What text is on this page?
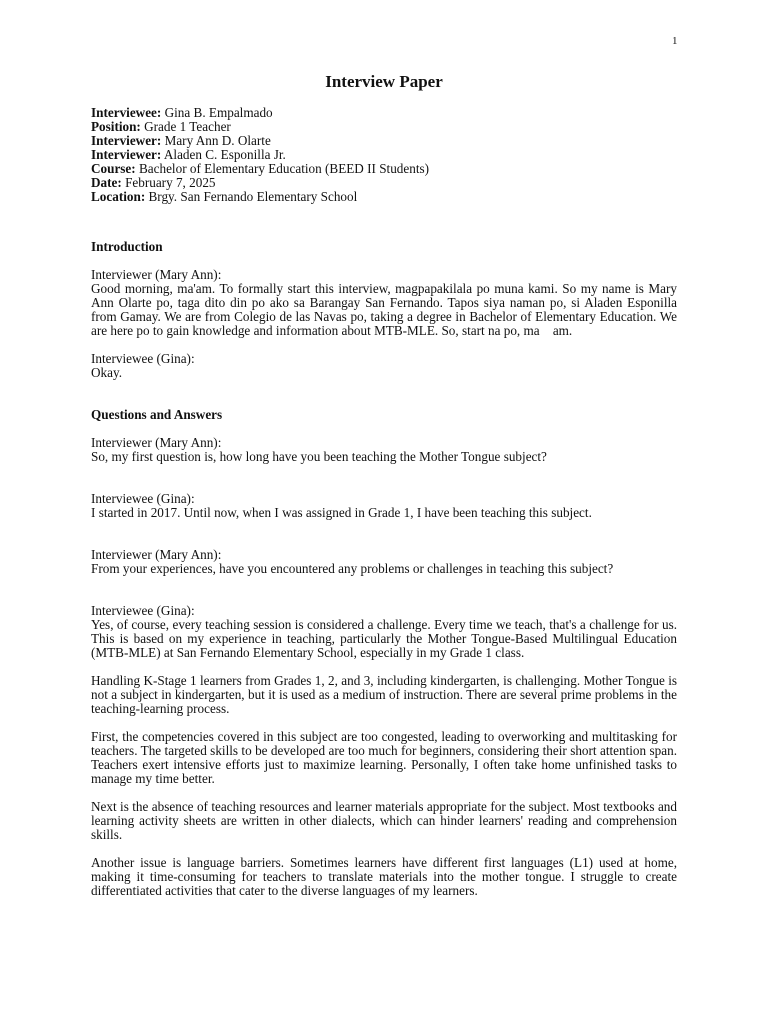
1
Interview Paper

Interviewee: Gina B. Empalmado

Position: Grade 1 Teacher

Interviewer: Mary Ann D. Olarte

Interviewer: Aladen C. Esponilla Jr.

Course: Bachelor of Elementary Education (BEED II Students)

Date: February 7, 2025

Location: Brgy. San Fernando Elementary School

Introduction

Interviewer (Mary Ann):

Good morning, ma'am. To formally start this interview, magpapakilala po muna kami. So my name is Mary Ann Olarte po, taga dito din po ako sa Barangay San Fernando. Tapos siya naman po, si Aladen Esponilla from Gamay. We are from Colegio de las Navas po, taking a degree in Bachelor of Elementary Education. We are here po to gain knowledge and information about MTB-MLE. So, start na po, ma  am.

Interviewee (Gina):

Okay.

Questions and Answers

Interviewer (Mary Ann):

So, my first question is, how long have you been teaching the Mother Tongue subject?

Interviewee (Gina):

I started in 2017. Until now, when I was assigned in Grade 1, I have been teaching this subject.

Interviewer (Mary Ann):

From your experiences, have you encountered any problems or challenges in teaching this subject?

Interviewee (Gina):

Yes, of course, every teaching session is considered a challenge. Every time we teach, that's a challenge for us. This is based on my experience in teaching, particularly the Mother Tongue-Based Multilingual Education (MTB-MLE) at San Fernando Elementary School, especially in my Grade 1 class.

Handling K-Stage 1 learners from Grades 1, 2, and 3, including kindergarten, is challenging. Mother Tongue is not a subject in kindergarten, but it is used as a medium of instruction. There are several prime problems in the teaching-learning process.

First, the competencies covered in this subject are too congested, leading to overworking and multitasking for teachers. The targeted skills to be developed are too much for beginners, considering their short attention span. Teachers exert intensive efforts just to maximize learning. Personally, I often take home unfinished tasks to manage my time better.

Next is the absence of teaching resources and learner materials appropriate for the subject. Most textbooks and learning activity sheets are written in other dialects, which can hinder learners' reading and comprehension skills.

Another issue is language barriers. Sometimes learners have different first languages (L1) used at home, making it time-consuming for teachers to translate materials into the mother tongue. I struggle to create differentiated activities that cater to the diverse languages of my learners.
